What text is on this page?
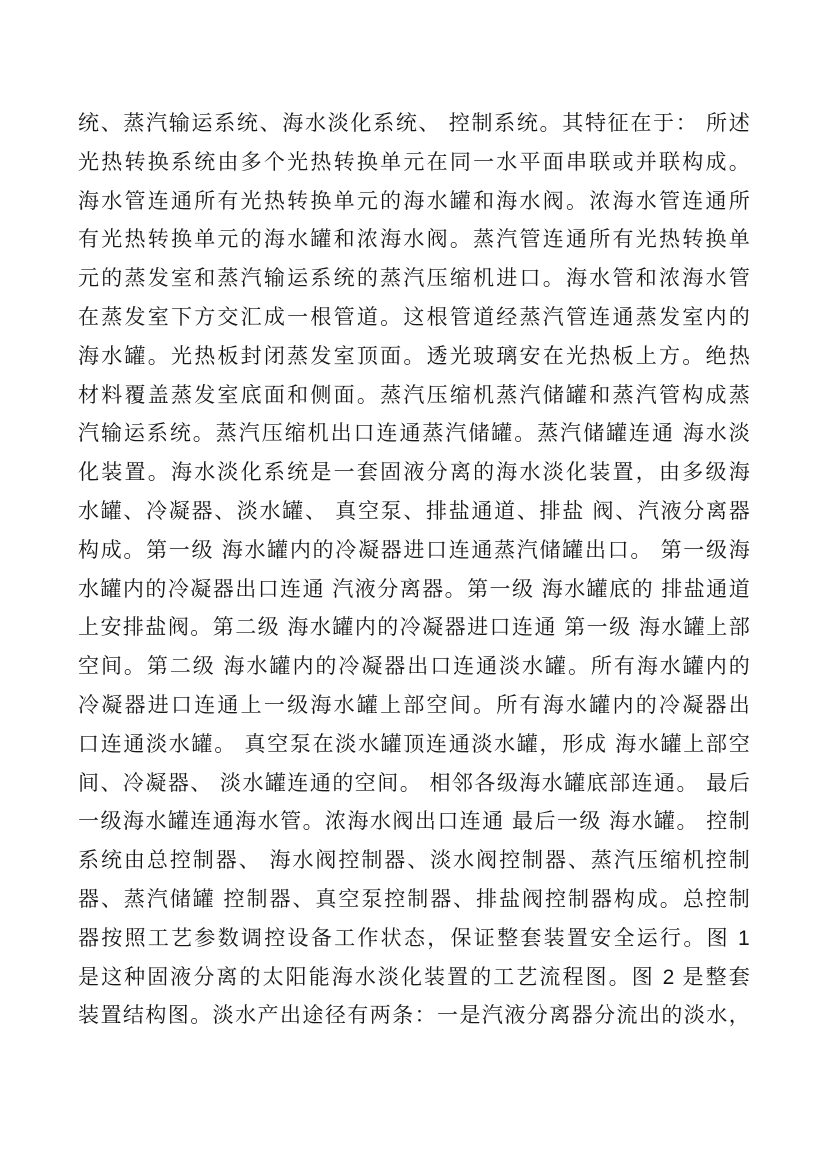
统、蒸汽输运系统、海水淡化系统、 控制系统。其特征在于： 所述
光热转换系统由多个光热转换单元在同一水平面串联或并联构成。
海水管连通所有光热转换单元的海水罐和海水阀。浓海水管连通所
有光热转换单元的海水罐和浓海水阀。蒸汽管连通所有光热转换单
元的蒸发室和蒸汽输运系统的蒸汽压缩机进口。海水管和浓海水管
在蒸发室下方交汇成一根管道。这根管道经蒸汽管连通蒸发室内的
海水罐。光热板封闭蒸发室顶面。透光玻璃安在光热板上方。绝热
材料覆盖蒸发室底面和侧面。蒸汽压缩机蒸汽储罐和蒸汽管构成蒸
汽输运系统。蒸汽压缩机出口连通蒸汽储罐。蒸汽储罐连通 海水淡
化装置。海水淡化系统是一套固液分离的海水淡化装置，由多级海
水罐、冷凝器、淡水罐、 真空泵、排盐通道、排盐 阀、汽液分离器
构成。第一级 海水罐内的冷凝器进口连通蒸汽储罐出口。 第一级海
水罐内的冷凝器出口连通 汽液分离器。第一级 海水罐底的 排盐通道
上安排盐阀。第二级 海水罐内的冷凝器进口连通 第一级 海水罐上部
空间。第二级 海水罐内的冷凝器出口连通淡水罐。所有海水罐内的
冷凝器进口连通上一级海水罐上部空间。所有海水罐内的冷凝器出
口连通淡水罐。 真空泵在淡水罐顶连通淡水罐，形成 海水罐上部空
间、冷凝器、 淡水罐连通的空间。 相邻各级海水罐底部连通。 最后
一级海水罐连通海水管。浓海水阀出口连通 最后一级 海水罐。 控制
系统由总控制器、 海水阀控制器、淡水阀控制器、蒸汽压缩机控制
器、蒸汽储罐 控制器、真空泵控制器、排盐阀控制器构成。总控制
器按照工艺参数调控设备工作状态，保证整套装置安全运行。图 1
是这种固液分离的太阳能海水淡化装置的工艺流程图。图 2 是整套
装置结构图。淡水产出途径有两条：一是汽液分离器分流出的淡水，
